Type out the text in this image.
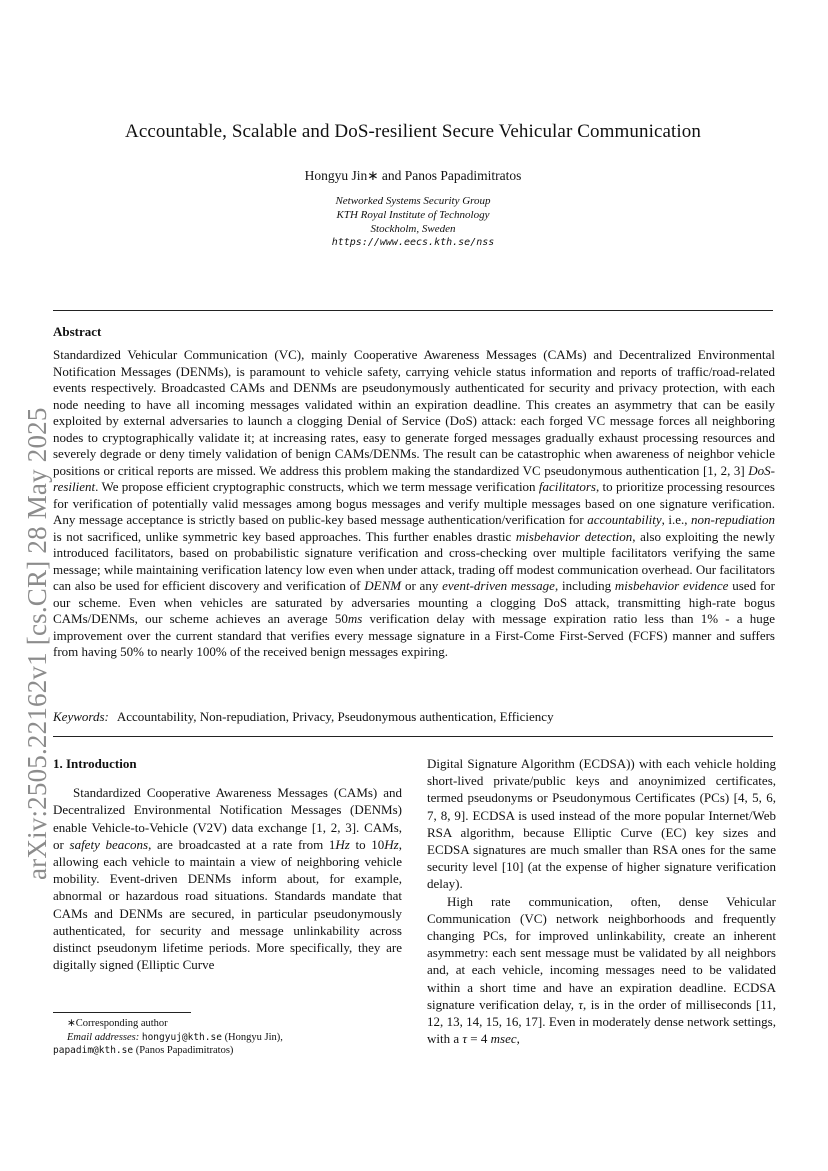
arXiv:2505.22162v1 [cs.CR] 28 May 2025
Accountable, Scalable and DoS-resilient Secure Vehicular Communication
Hongyu Jin∗ and Panos Papadimitratos
Networked Systems Security Group
KTH Royal Institute of Technology
Stockholm, Sweden
https://www.eecs.kth.se/nss
Abstract
Standardized Vehicular Communication (VC), mainly Cooperative Awareness Messages (CAMs) and Decentralized Environmental Notification Messages (DENMs), is paramount to vehicle safety, carrying vehicle status information and reports of traffic/road-related events respectively. Broadcasted CAMs and DENMs are pseudonymously authenticated for security and privacy protection, with each node needing to have all incoming messages validated within an expiration deadline. This creates an asymmetry that can be easily exploited by external adversaries to launch a clogging Denial of Service (DoS) attack: each forged VC message forces all neighboring nodes to cryptographically validate it; at increasing rates, easy to generate forged messages gradually exhaust processing resources and severely degrade or deny timely validation of benign CAMs/DENMs. The result can be catastrophic when awareness of neighbor vehicle positions or critical reports are missed. We address this problem making the standardized VC pseudonymous authentication [1, 2, 3] DoS-resilient. We propose efficient cryptographic constructs, which we term message verification facilitators, to prioritize processing resources for verification of potentially valid messages among bogus messages and verify multiple messages based on one signature verification. Any message acceptance is strictly based on public-key based message authentication/verification for accountability, i.e., non-repudiation is not sacrificed, unlike symmetric key based approaches. This further enables drastic misbehavior detection, also exploiting the newly introduced facilitators, based on probabilistic signature verification and cross-checking over multiple facilitators verifying the same message; while maintaining verification latency low even when under attack, trading off modest communication overhead. Our facilitators can also be used for efficient discovery and verification of DENM or any event-driven message, including misbehavior evidence used for our scheme. Even when vehicles are saturated by adversaries mounting a clogging DoS attack, transmitting high-rate bogus CAMs/DENMs, our scheme achieves an average 50ms verification delay with message expiration ratio less than 1% - a huge improvement over the current standard that verifies every message signature in a First-Come First-Served (FCFS) manner and suffers from having 50% to nearly 100% of the received benign messages expiring.
Keywords: Accountability, Non-repudiation, Privacy, Pseudonymous authentication, Efficiency
1. Introduction

Standardized Cooperative Awareness Messages (CAMs) and Decentralized Environmental Notification Messages (DENMs) enable Vehicle-to-Vehicle (V2V) data exchange [1, 2, 3]. CAMs, or safety beacons, are broadcasted at a rate from 1Hz to 10Hz, allowing each vehicle to maintain a view of neighboring vehicle mobility. Event-driven DENMs inform about, for example, abnormal or hazardous road situations. Standards mandate that CAMs and DENMs are secured, in particular pseudonymously authenticated, for security and message unlinkability across distinct pseudonym lifetime periods. More specifically, they are digitally signed (Elliptic Curve

Digital Signature Algorithm (ECDSA)) with each vehicle holding short-lived private/public keys and anoynimized certificates, termed pseudonyms or Pseudonymous Certificates (PCs) [4, 5, 6, 7, 8, 9]. ECDSA is used instead of the more popular Internet/Web RSA algorithm, because Elliptic Curve (EC) key sizes and ECDSA signatures are much smaller than RSA ones for the same security level [10] (at the expense of higher signature verification delay).

High rate communication, often, dense Vehicular Communication (VC) network neighborhoods and frequently changing PCs, for improved unlinkability, create an inherent asymmetry: each sent message must be validated by all neighbors and, at each vehicle, incoming messages need to be validated within a short time and have an expiration deadline. ECDSA signature verification delay, τ, is in the order of milliseconds [11, 12, 13, 14, 15, 16, 17]. Even in moderately dense network settings, with a τ = 4 msec,

∗Corresponding author
Email addresses: hongyuj@kth.se (Hongyu Jin),
papadim@kth.se (Panos Papadimitratos)
